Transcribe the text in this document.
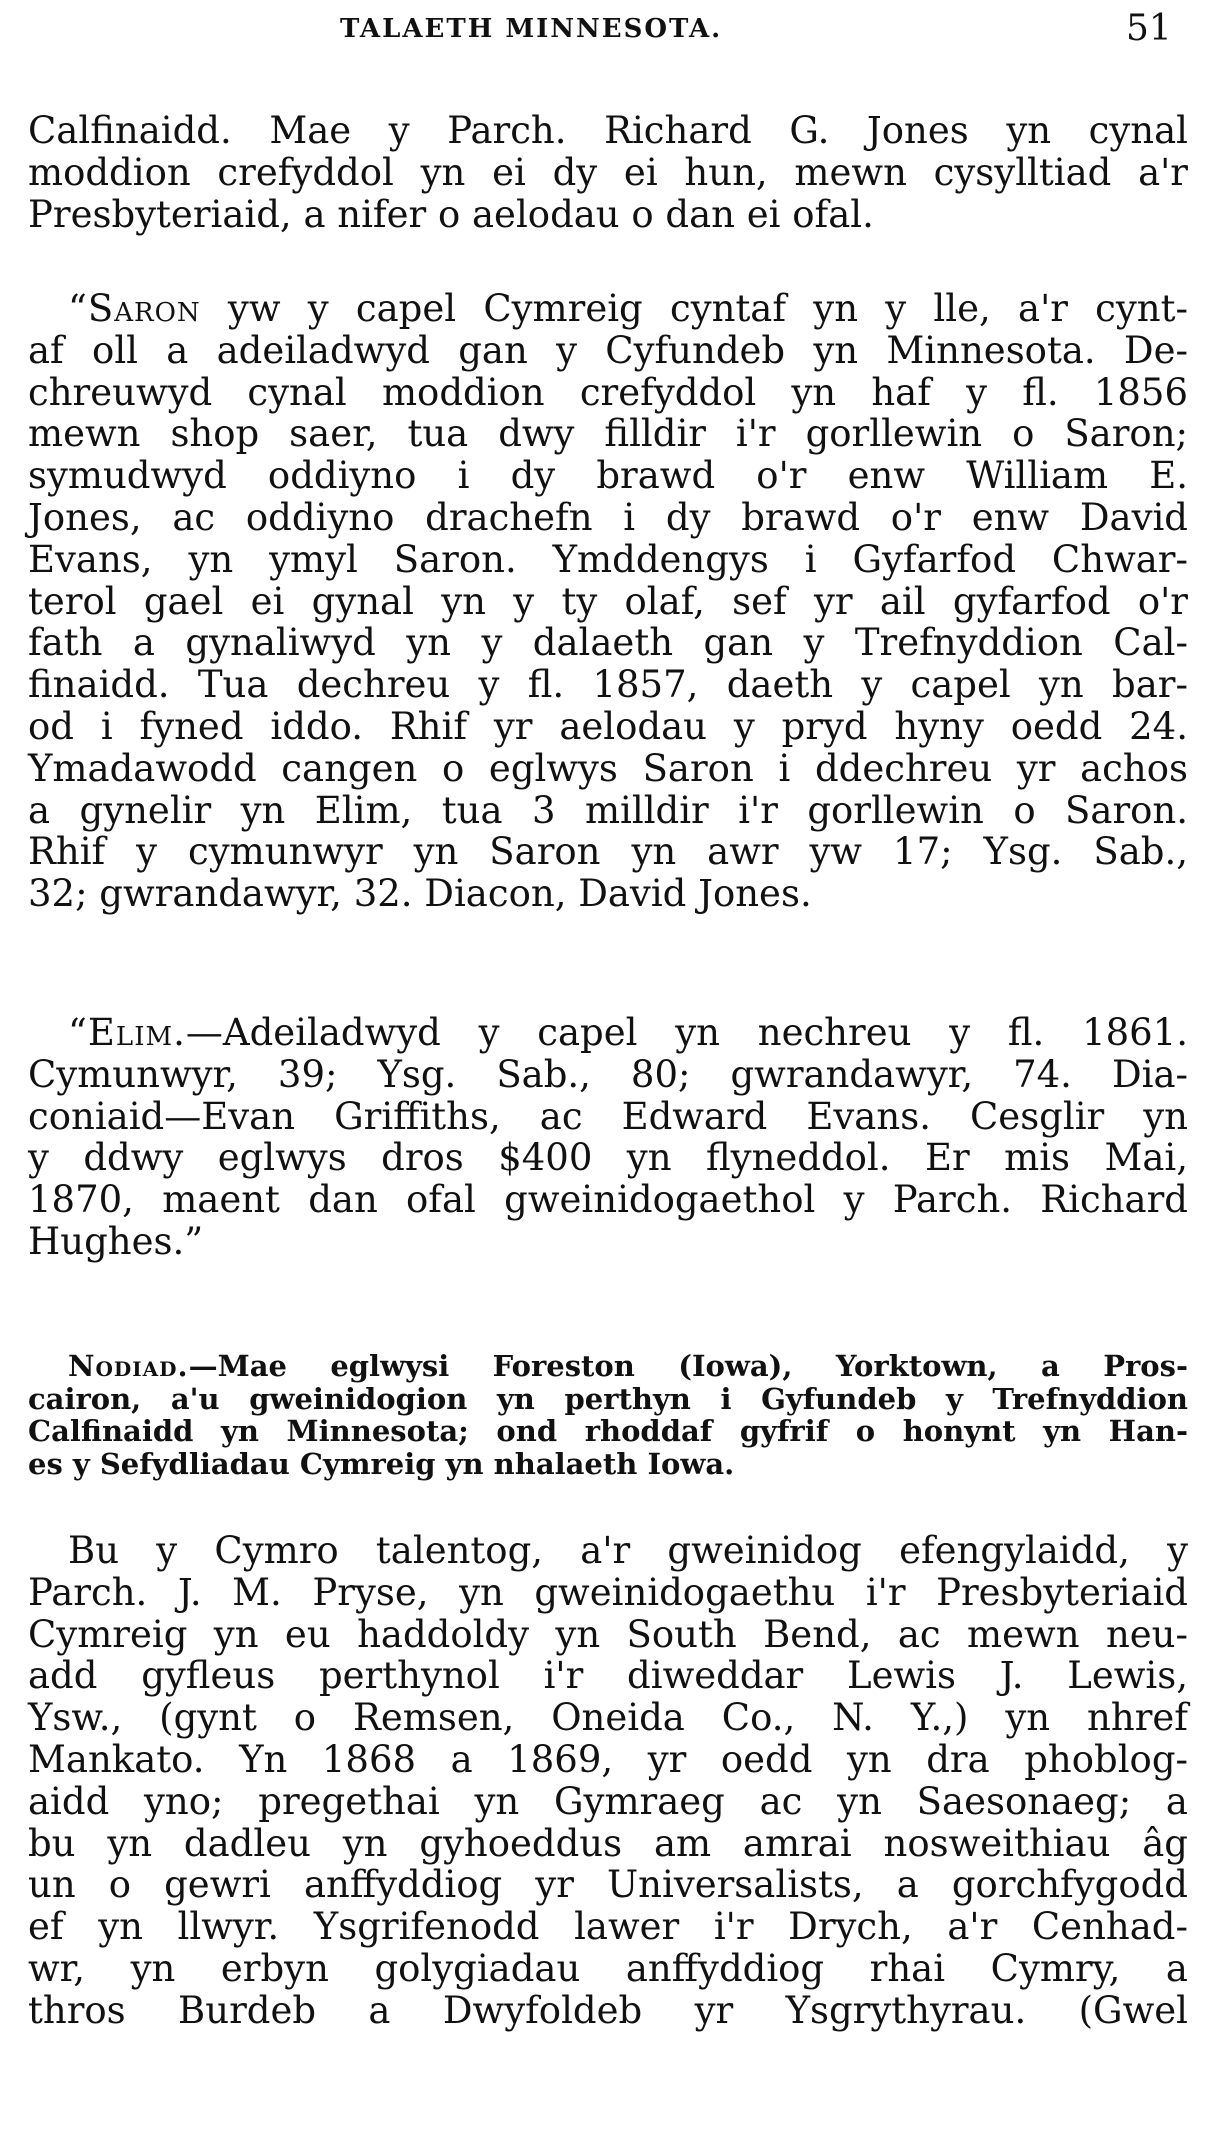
TALAETH MINNESOTA.	51
Calfinaidd. Mae y Parch. Richard G. Jones yn cynal
moddion crefyddol yn ei dy ei hun, mewn cysylltiad a'r
Presbyteriaid, a nifer o aelodau o dan ei ofal.
“Saron yw y capel Cymreig cyntaf yn y lle, a'r cynt-
af oll a adeiladwyd gan y Cyfundeb yn Minnesota. De-
chreuwyd cynal moddion crefyddol yn haf y fl. 1856
mewn shop saer, tua dwy filldir i'r gorllewin o Saron;
symudwyd oddiyno i dy brawd o'r enw William E.
Jones, ac oddiyno drachefn i dy brawd o'r enw David
Evans, yn ymyl Saron. Ymddengys i Gyfarfod Chwar-
terol gael ei gynal yn y ty olaf, sef yr ail gyfarfod o'r
fath a gynaliwyd yn y dalaeth gan y Trefnyddion Cal-
finaidd. Tua dechreu y fl. 1857, daeth y capel yn bar-
od i fyned iddo. Rhif yr aelodau y pryd hyny oedd 24.
Ymadawodd cangen o eglwys Saron i ddechreu yr achos
a gynelir yn Elim, tua 3 milldir i'r gorllewin o Saron.
Rhif y cymunwyr yn Saron yn awr yw 17; Ysg. Sab.,
32; gwrandawyr, 32. Diacon, David Jones.
“Elim.—Adeiladwyd y capel yn nechreu y fl. 1861.
Cymunwyr, 39; Ysg. Sab., 80; gwrandawyr, 74. Dia-
coniaid—Evan Griffiths, ac Edward Evans. Cesglir yn
y ddwy eglwys dros $400 yn flyneddol. Er mis Mai,
1870, maent dan ofal gweinidogaethol y Parch. Richard
Hughes.”
Nodiad.—Mae eglwysi Foreston (Iowa), Yorktown, a Pros-
cairon, a'u gweinidogion yn perthyn i Gyfundeb y Trefnyddion
Calfinaidd yn Minnesota; ond rhoddaf gyfrif o honynt yn Han-
es y Sefydliadau Cymreig yn nhalaeth Iowa.
Bu y Cymro talentog, a'r gweinidog efengylaidd, y
Parch. J. M. Pryse, yn gweinidogaethu i'r Presbyteriaid
Cymreig yn eu haddoldy yn South Bend, ac mewn neu-
add gyfleus perthynol i'r diweddar Lewis J. Lewis,
Ysw., (gynt o Remsen, Oneida Co., N. Y.,) yn nhref
Mankato. Yn 1868 a 1869, yr oedd yn dra phoblog-
aidd yno; pregethai yn Gymraeg ac yn Saesonaeg; a
bu yn dadleu yn gyhoeddus am amrai nosweithiau âg
un o gewri anffyddiog yr Universalists, a gorchfygodd
ef yn llwyr. Ysgrifenodd lawer i'r Drych, a'r Cenhad-
wr, yn erbyn golygiadau anffyddiog rhai Cymry, a
thros Burdeb a Dwyfoldeb yr Ysgrythyrau. (Gwel
